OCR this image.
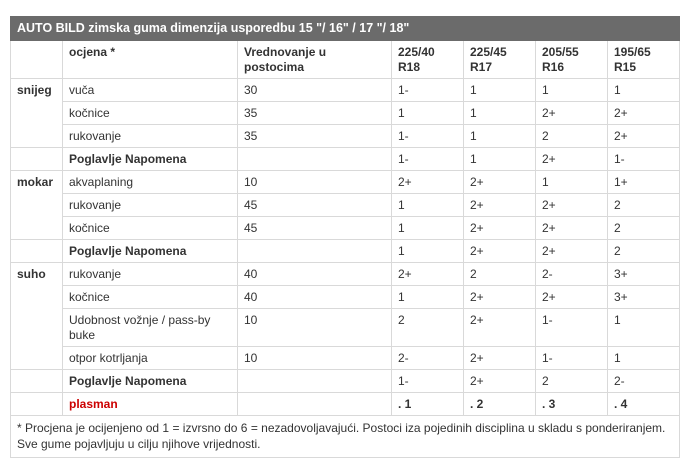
AUTO BILD zimska guma dimenzija usporedbu 15 "/ 16" / 17 "/ 18"						
	ocjena *	Vrednovanje u postocima	225/40 R18	225/45 R17	205/55 R16	195/65 R15
snijeg	vuča	30	1-	1	1	1
	kočnice	35	1	1	2+	2+
	rukovanje	35	1-	1	2	2+
	Poglavlje Napomena		1-	1	2+	1-
mokar	akvaplaning	10	2+	2+	1	1+
	rukovanje	45	1	2+	2+	2
	kočnice	45	1	2+	2+	2
	Poglavlje Napomena		1	2+	2+	2
suho	rukovanje	40	2+	2	2-	3+
	kočnice	40	1	2+	2+	3+
	Udobnost vožnje / pass-by buke	10	2	2+	1-	1
	otpor kotrljanja	10	2-	2+	1-	1
	Poglavlje Napomena		1-	2+	2	2-
	plasman		. 1	. 2	. 3	. 4
* Procjena je ocijenjeno od 1 = izvrsno do 6 = nezadovoljavajući. Postoci iza pojedinih disciplina u skladu s ponderiranjem. Sve gume pojavljuju u cilju njihove vrijednosti.						
